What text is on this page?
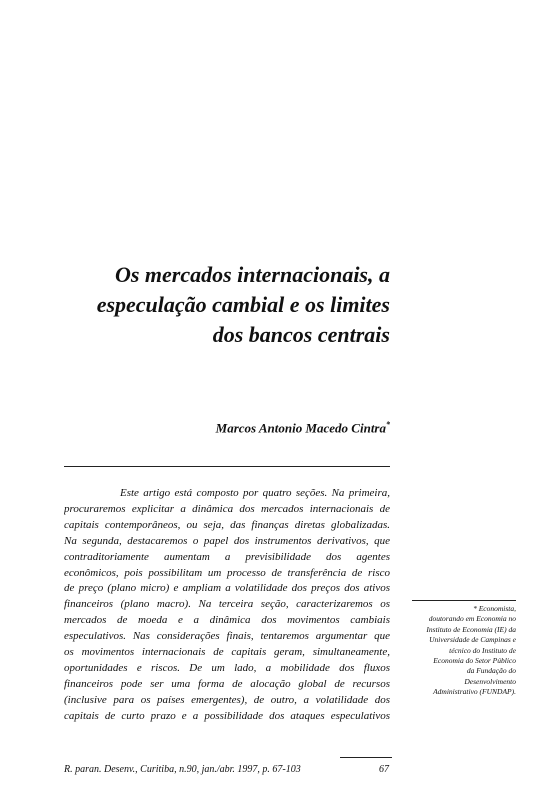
Os mercados internacionais, a
especulação cambial e os limites
dos bancos centrais
Marcos Antonio Macedo Cintra*
Este artigo está composto por quatro seções. Na primeira,
procuraremos explicitar a dinâmica dos mercados internacionais de
capitais contemporâneos, ou seja, das finanças diretas globalizadas.
Na segunda, destacaremos o papel dos instrumentos derivativos, que
contraditoriamente aumentam a previsibilidade dos agentes
econômicos, pois possibilitam um processo de transferência de risco
de preço (plano micro) e ampliam a volatilidade dos preços dos ativos
financeiros (plano macro). Na terceira seção, caracterizaremos os
mercados de moeda e a dinâmica dos movimentos cambiais
especulativos. Nas considerações finais, tentaremos argumentar que
os movimentos internacionais de capitais geram, simultaneamente,
oportunidades e riscos. De um lado, a mobilidade dos fluxos
financeiros pode ser uma forma de alocação global de recursos
(inclusive para os países emergentes), de outro, a volatilidade dos
capitais de curto prazo e a possibilidade dos ataques especulativos
* Economista,
doutorando em Economia no
Instituto de Economia (IE) da
Universidade de Campinas e
técnico do Instituto de
Economia do Setor Público
da Fundação do
Desenvolvimento
Administrativo (FUNDAP).
R. paran. Desenv., Curitiba, n.90, jan./abr. 1997, p. 67-103	67
